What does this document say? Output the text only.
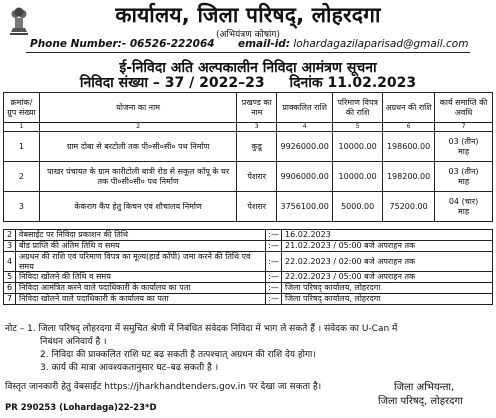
कार्यालय, जिला परिषद्, लोहरदगा
(अभियंत्रण कोषांग)
Phone Number:- 06526-222064 email-id: lohardagazilaparisad@gmail.com
ई-निविदा अति अल्पकालीन निविदा आमंत्रण सूचना
निविदा संख्या – 37 / 2022–23 दिनांक 11.02.2023
क्रमांक/ ग्रुप संख्या	योजना का नाम	प्रखण्ड का नाम	प्राक्कलित राशि	परिमाण विपत्र की राशि	अग्रधन की राशि	कार्य समाप्ति की अवधि
1	2	3	4	5	6	7
1	ग्राम दोबा से बरटोली तक पी०सी०सी० पथ निर्माण	कुडू	9926000.00	10000.00	198600.00	03 (तीन)
माह
2	पाखर पंचायत के ग्राम कारीटोली बात्री रोड से सकूल कॉपू के घर तक पी०सी०सी० पथ निर्माण	पेशरार	9906000.00	10000.00	198200.00	03 (तीन)
माह
3	केकराग कैंप हेतु किचन एवं शौचालय निर्माण	पेशरार	3756100.00	5000.00	75200.00	04 (चार)
माह
2	वेबसाईट पर निविदा प्रकाशन की तिथि	:—	16.02.2023
3	बीड प्राप्ति की अंतिम तिथि व समय	:—	21.02.2023 / 05:00 बजे अपराहन तक
4	अग्रधन की राशि एवं परिमाण विपत्र का मूल्य(हार्ड कॉपी) जमा करने की तिथि एवं समय	:—	22.02.2023 / 02:00 बजे अपराहन तक
5	निविदा खोलने की तिथि व समय	:—	22.02.2023 / 05:00 बजे अपराहन तक
6	निविदा आमंत्रित करने वाले पदाधिकारी के कार्यालय का पता	:—	जिला परिषद् कार्यालय, लोहरदगा
7	निविदा खोलने वाले पदाधिकारी के कार्यालय का पता	:—	जिला परिषद् कार्यालय, लोहरदगा
नोट – 1. जिला परिषद् लोहरदगा में समुचित श्रेणी में निबंधित संवेदक निविदा में भाग ले सकते हैं । संवेदक का U-Can में
निबंधन अनिवार्य है ।
2. निविदा की प्राक्कलित राशि घट बढ सकती है तत्पश्चात् अग्रधन की राशि देय होगा।
3. कार्य की मात्रा आवश्यकतानुसार घट–बढ सकती है ।
विस्तृत जानकारी हेतु वेबसाईट https://jharkhandtenders.gov.in पर देखा जा सकता है।	जिला अभियन्ता,
जिला परिषद्, लोहरदगा
PR 290253 (Lohardaga)22-23*D
